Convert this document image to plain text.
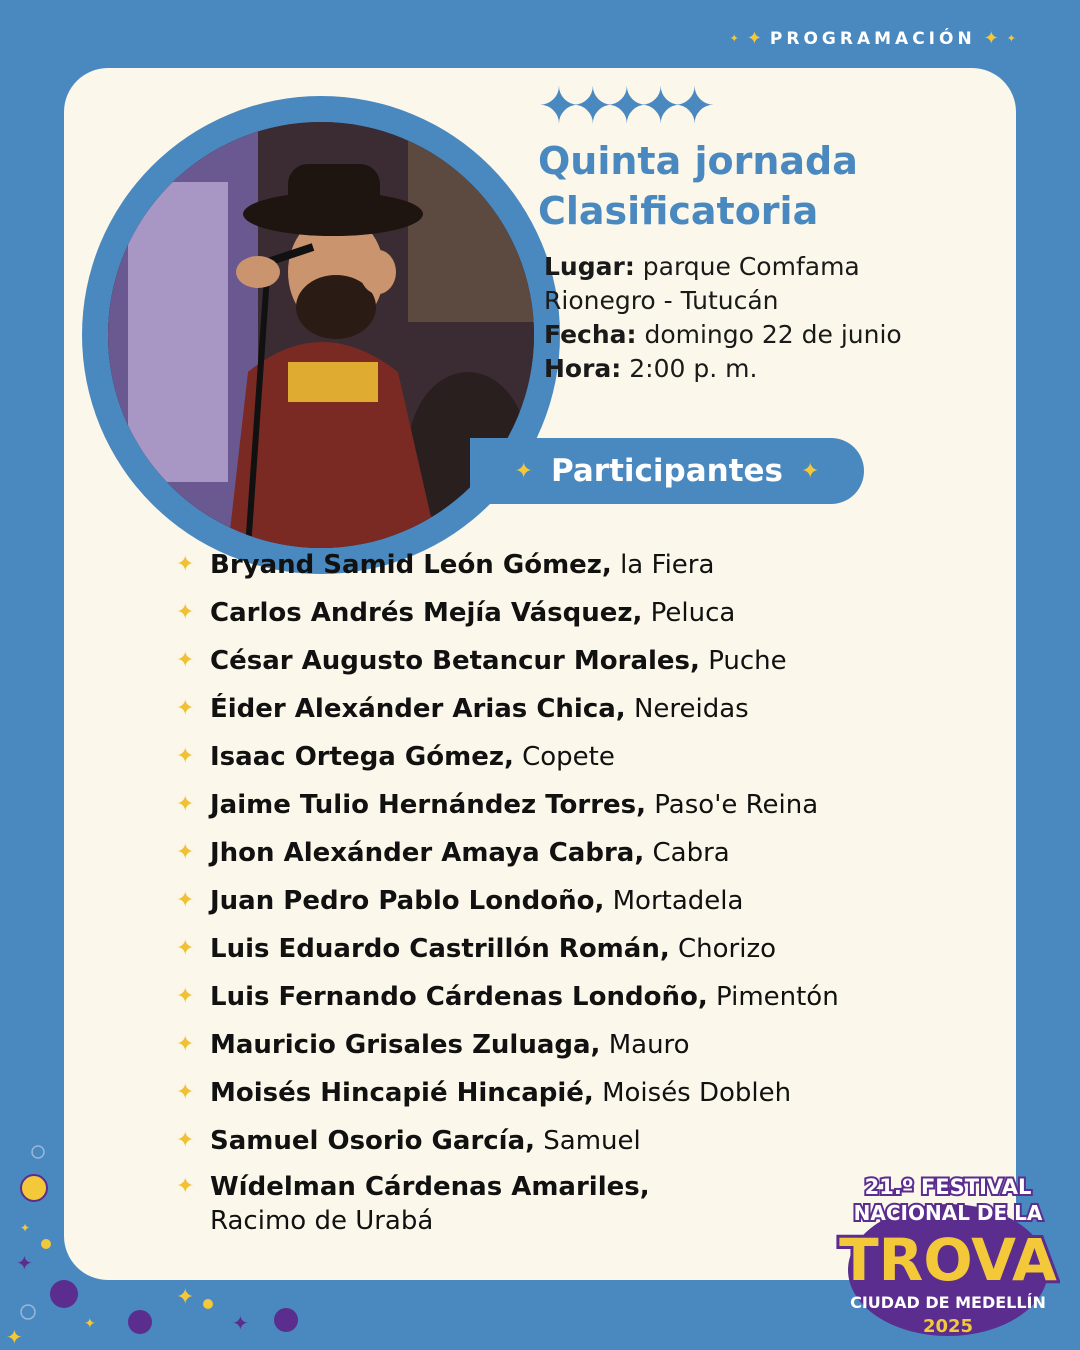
✦ ✦ PROGRAMACIÓN ✦ ✦
✦
✦
✦
✦
✦
Quinta jornada
Clasificatoria
Lugar: parque Comfama
Rionegro - Tutucán
Fecha: domingo 22 de junio
Hora: 2:00 p. m.
✦ Participantes ✦
✦ Bryand Samid León Gómez, la Fiera
✦ Carlos Andrés Mejía Vásquez, Peluca
✦ César Augusto Betancur Morales, Puche
✦ Éider Alexánder Arias Chica, Nereidas
✦ Isaac Ortega Gómez, Copete
✦ Jaime Tulio Hernández Torres, Paso'e Reina
✦ Jhon Alexánder Amaya Cabra, Cabra
✦ Juan Pedro Pablo Londoño, Mortadela
✦ Luis Eduardo Castrillón Román, Chorizo
✦ Luis Fernando Cárdenas Londoño, Pimentón
✦ Mauricio Grisales Zuluaga, Mauro
✦ Moisés Hincapié Hincapié, Moisés Dobleh
✦ Samuel Osorio García, Samuel
✦ Wídelman Cárdenas Amariles,
Racimo de Urabá
✦
✦
✦
✦
✦
✦
21.º FESTIVAL
NACIONAL DE LA
TROVA
CIUDAD DE MEDELLÍN
2025
